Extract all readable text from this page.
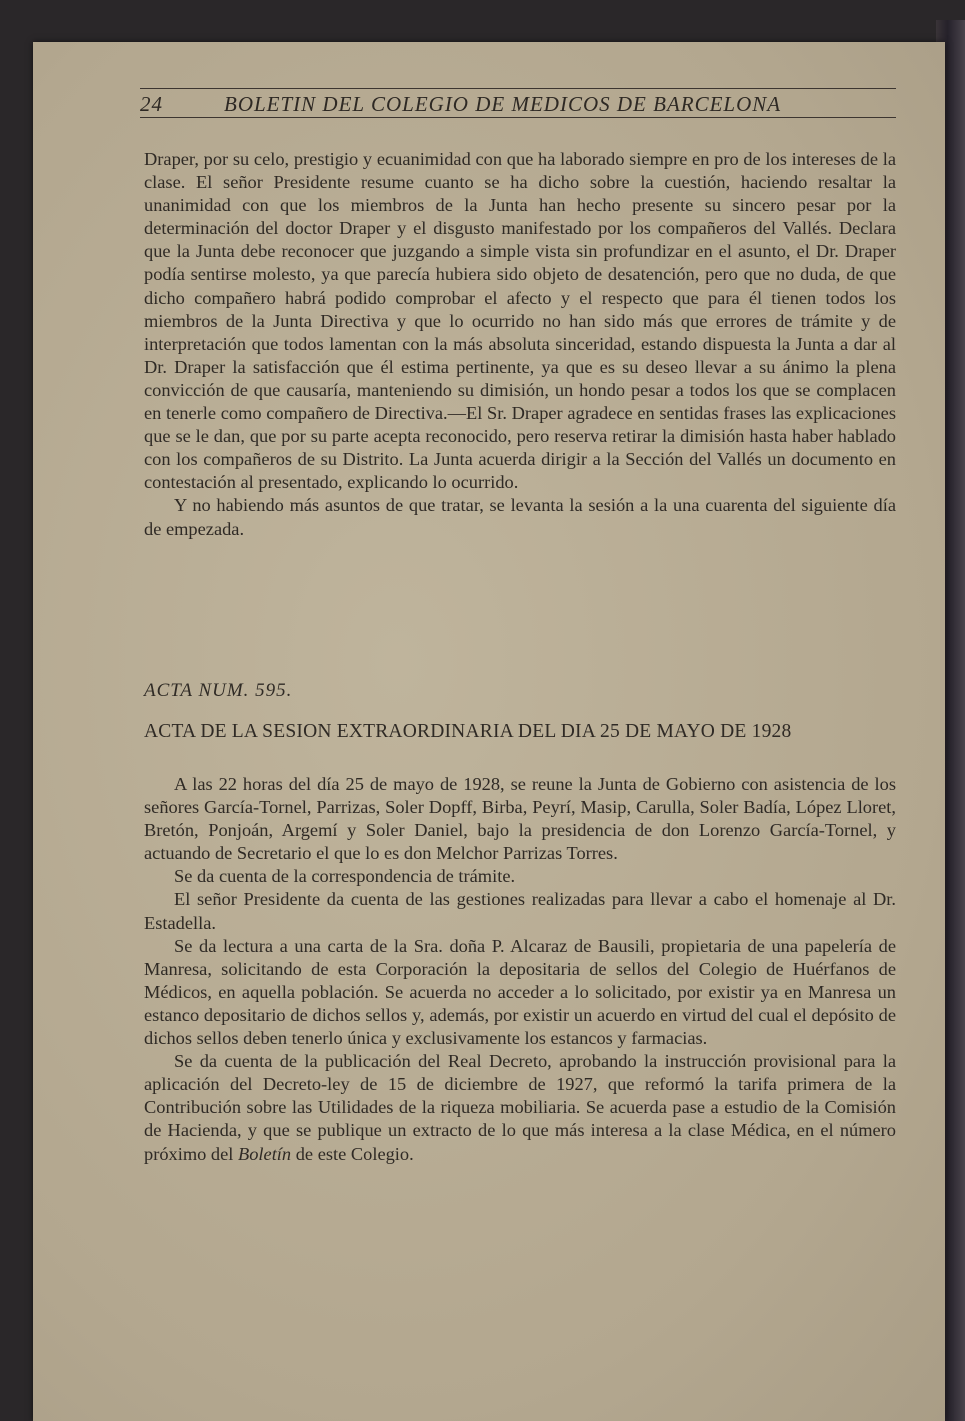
24	BOLETIN DEL COLEGIO DE MEDICOS DE BARCELONA

Draper, por su celo, prestigio y ecuanimidad con que ha laborado siempre en pro de los intereses de la clase. El señor Presidente resume cuanto se ha dicho sobre la cuestión, haciendo resaltar la unanimidad con que los miembros de la Junta han hecho presente su sincero pesar por la determinación del doctor Draper y el disgusto manifestado por los compañeros del Vallés. Declara que la Junta debe reconocer que juzgando a simple vista sin profundizar en el asunto, el Dr. Draper podía sentirse molesto, ya que parecía hubiera sido objeto de desatención, pero que no duda, de que dicho compañero habrá podido comprobar el afecto y el respecto que para él tienen todos los miembros de la Junta Directiva y que lo ocurrido no han sido más que errores de trámite y de interpretación que todos lamentan con la más absoluta sinceridad, estando dispuesta la Junta a dar al Dr. Draper la satisfacción que él estima pertinente, ya que es su deseo llevar a su ánimo la plena convicción de que causaría, manteniendo su dimisión, un hondo pesar a todos los que se complacen en tenerle como compañero de Directiva.—El Sr. Draper agradece en sentidas frases las explicaciones que se le dan, que por su parte acepta reconocido, pero reserva retirar la dimisión hasta haber hablado con los compañeros de su Distrito. La Junta acuerda dirigir a la Sección del Vallés un documento en contestación al presentado, explicando lo ocurrido.

Y no habiendo más asuntos de que tratar, se levanta la sesión a la una cuarenta del siguiente día de empezada.

ACTA NUM. 595.
ACTA DE LA SESION EXTRAORDINARIA DEL DIA 25 DE MAYO DE 1928

A las 22 horas del día 25 de mayo de 1928, se reune la Junta de Gobierno con asistencia de los señores García-Tornel, Parrizas, Soler Dopff, Birba, Peyrí, Masip, Carulla, Soler Badía, López Lloret, Bretón, Ponjoán, Argemí y Soler Daniel, bajo la presidencia de don Lorenzo García-Tornel, y actuando de Secretario el que lo es don Melchor Parrizas Torres.

Se da cuenta de la correspondencia de trámite.

El señor Presidente da cuenta de las gestiones realizadas para llevar a cabo el homenaje al Dr. Estadella.

Se da lectura a una carta de la Sra. doña P. Alcaraz de Bausili, propietaria de una papelería de Manresa, solicitando de esta Corporación la depositaria de sellos del Colegio de Huérfanos de Médicos, en aquella población. Se acuerda no acceder a lo solicitado, por existir ya en Manresa un estanco depositario de dichos sellos y, además, por existir un acuerdo en virtud del cual el depósito de dichos sellos deben tenerlo única y exclusivamente los estancos y farmacias.

Se da cuenta de la publicación del Real Decreto, aprobando la instrucción provisional para la aplicación del Decreto-ley de 15 de diciembre de 1927, que reformó la tarifa primera de la Contribución sobre las Utilidades de la riqueza mobiliaria. Se acuerda pase a estudio de la Comisión de Hacienda, y que se publique un extracto de lo que más interesa a la clase Médica, en el número próximo del Boletín de este Colegio.
